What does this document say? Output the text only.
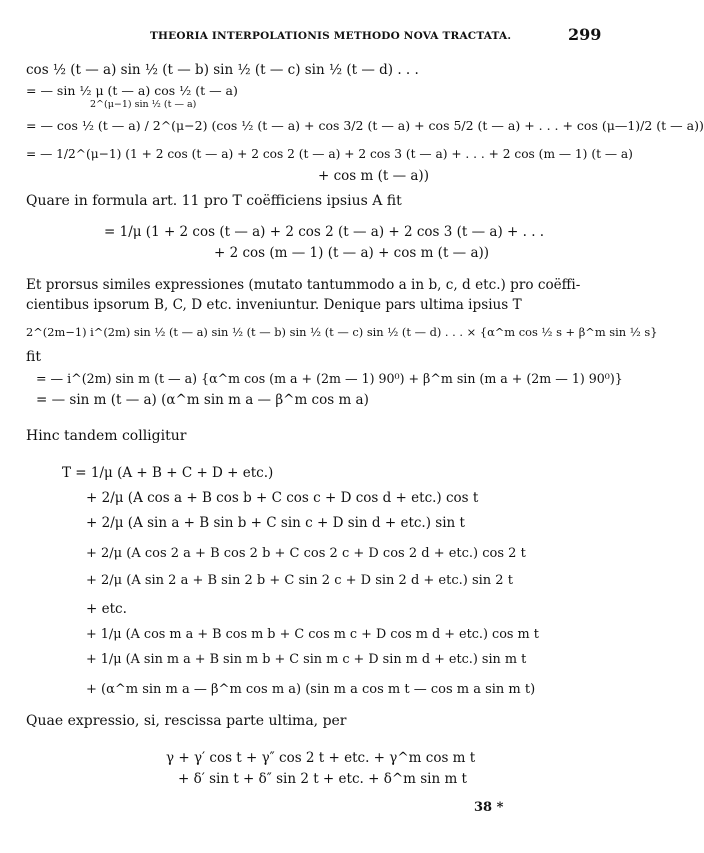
THEORIA INTERPOLATIONIS METHODO NOVA TRACTATA.	299
cos ½ (t — a) sin ½ (t — b) sin ½ (t — c) sin ½ (t — d) . . .
= — sin ½ μ (t — a) cos ½ (t — a)
2^(μ−1) sin ½ (t — a)
= — cos ½ (t — a) / 2^(μ−2) (cos ½ (t — a) + cos 3/2 (t — a) + cos 5/2 (t — a) + . . . + cos (μ—1)/2 (t — a))
= — 1/2^(μ−1) (1 + 2 cos (t — a) + 2 cos 2 (t — a) + 2 cos 3 (t — a) + . . . + 2 cos (m — 1) (t — a)
+ cos m (t — a))
Quare in formula art. 11 pro T coëfficiens ipsius A fit
= 1/μ (1 + 2 cos (t — a) + 2 cos 2 (t — a) + 2 cos 3 (t — a) + . . .
+ 2 cos (m — 1) (t — a) + cos m (t — a))
Et prorsus similes expressiones (mutato tantummodo a in b, c, d etc.) pro coëffi-
cientibus ipsorum B, C, D etc. inveniuntur. Denique pars ultima ipsius T
2^(2m−1) i^(2m) sin ½ (t — a) sin ½ (t — b) sin ½ (t — c) sin ½ (t — d) . . . × {α^m cos ½ s + β^m sin ½ s}
fit
= — i^(2m) sin m (t — a) {α^m cos (m a + (2m — 1) 90⁰) + β^m sin (m a + (2m — 1) 90⁰)}
= — sin m (t — a) (α^m sin m a — β^m cos m a)
Hinc tandem colligitur
T = 1/μ (A + B + C + D + etc.)
+ 2/μ (A cos a + B cos b + C cos c + D cos d + etc.) cos t
+ 2/μ (A sin a + B sin b + C sin c + D sin d + etc.) sin t
+ 2/μ (A cos 2 a + B cos 2 b + C cos 2 c + D cos 2 d + etc.) cos 2 t
+ 2/μ (A sin 2 a + B sin 2 b + C sin 2 c + D sin 2 d + etc.) sin 2 t
+ etc.
+ 1/μ (A cos m a + B cos m b + C cos m c + D cos m d + etc.) cos m t
+ 1/μ (A sin m a + B sin m b + C sin m c + D sin m d + etc.) sin m t
+ (α^m sin m a — β^m cos m a) (sin m a cos m t — cos m a sin m t)
Quae expressio, si, rescissa parte ultima, per
γ + γ′ cos t + γ″ cos 2 t + etc. + γ^m cos m t
+ δ′ sin t + δ″ sin 2 t + etc. + δ^m sin m t
38 *
